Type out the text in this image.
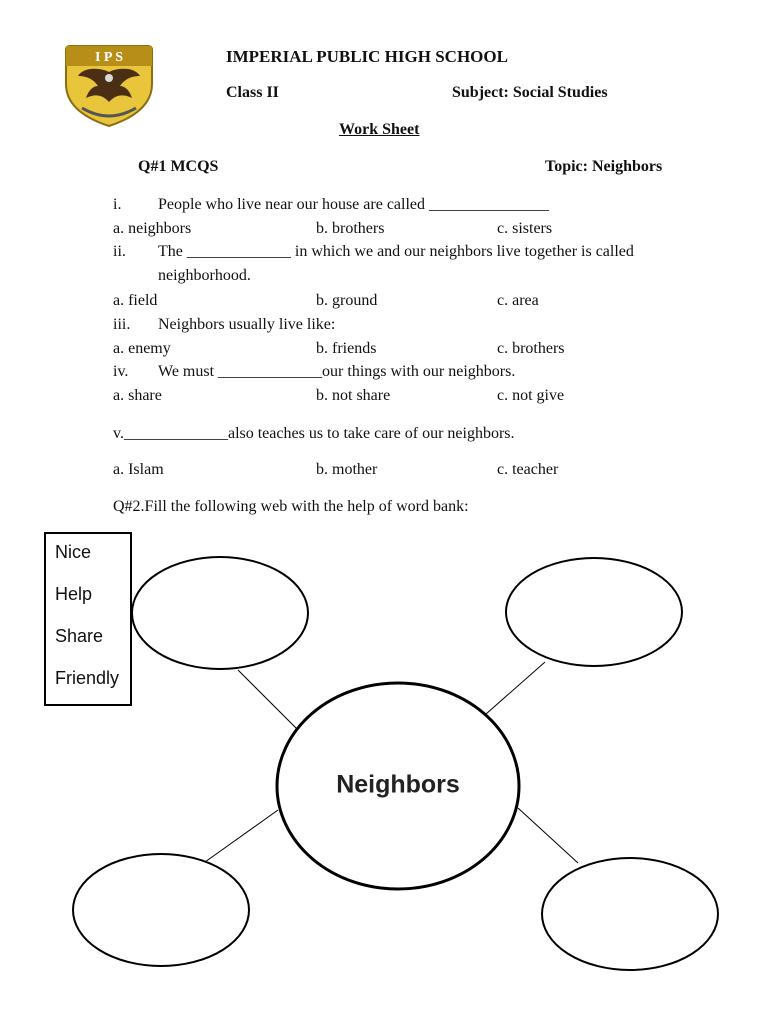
I P S	IMPERIAL PUBLIC HIGH SCHOOL
Class II	Subject: Social Studies
Work Sheet
Q#1 MCQS	Topic: Neighbors
i. People who live near our house are called _______________
a. neighbors	b. brothers	c. sisters
ii. The _____________ in which we and our neighbors live together is called
neighborhood.
a. field	b. ground	c. area
iii. Neighbors usually live like:
a. enemy	b. friends	c. brothers
iv. We must _____________our things with our neighbors.
a. share	b. not share	c. not give
v._____________also teaches us to take care of our neighbors.
a. Islam	b. mother	c. teacher
Q#2.Fill the following web with the help of word bank:
Neighbors
Nice
Help
Share
Friendly
